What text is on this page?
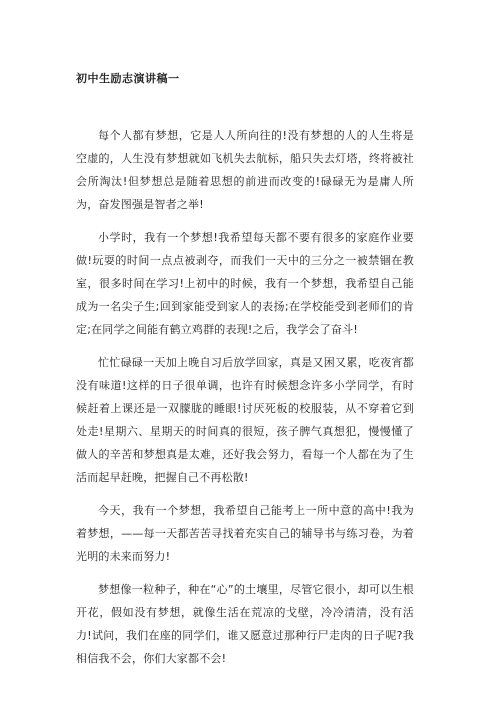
初中生励志演讲稿一

每个人都有梦想，它是人人所向往的!没有梦想的人的人生将是空虚的，人生没有梦想就如飞机失去航标，船只失去灯塔，终将被社会所淘汰!但梦想总是随着思想的前进而改变的!碌碌无为是庸人所为，奋发图强是智者之举!

小学时，我有一个梦想!我希望每天都不要有很多的家庭作业要做!玩耍的时间一点点被剥夺，而我们一天中的三分之一被禁锢在教室，很多时间在学习!上初中的时候，我有一个梦想，我希望自己能成为一名尖子生;回到家能受到家人的表扬;在学校能受到老师们的肯定;在同学之间能有鹤立鸡群的表现!之后，我学会了奋斗!

忙忙碌碌一天加上晚自习后放学回家，真是又困又累，吃夜宵都没有味道!这样的日子很单调，也许有时候想念许多小学同学，有时候赶着上课还是一双朦胧的睡眼!讨厌死板的校服装，从不穿着它到处走!星期六、星期天的时间真的很短，孩子脾气真想犯，慢慢懂了做人的辛苦和梦想真是太难，还好我会努力，看每一个人都在为了生活而起早赶晚，把握自己不再松散!

今天，我有一个梦想，我希望自己能考上一所中意的高中!我为着梦想，——每一天都苦苦寻找着充实自己的辅导书与练习卷，为着光明的未来而努力!

梦想像一粒种子，种在“心”的土壤里，尽管它很小，却可以生根开花，假如没有梦想，就像生活在荒凉的戈壁，冷冷清清，没有活力!试问，我们在座的同学们，谁又愿意过那种行尸走肉的日子呢?我相信我不会，你们大家都不会!
